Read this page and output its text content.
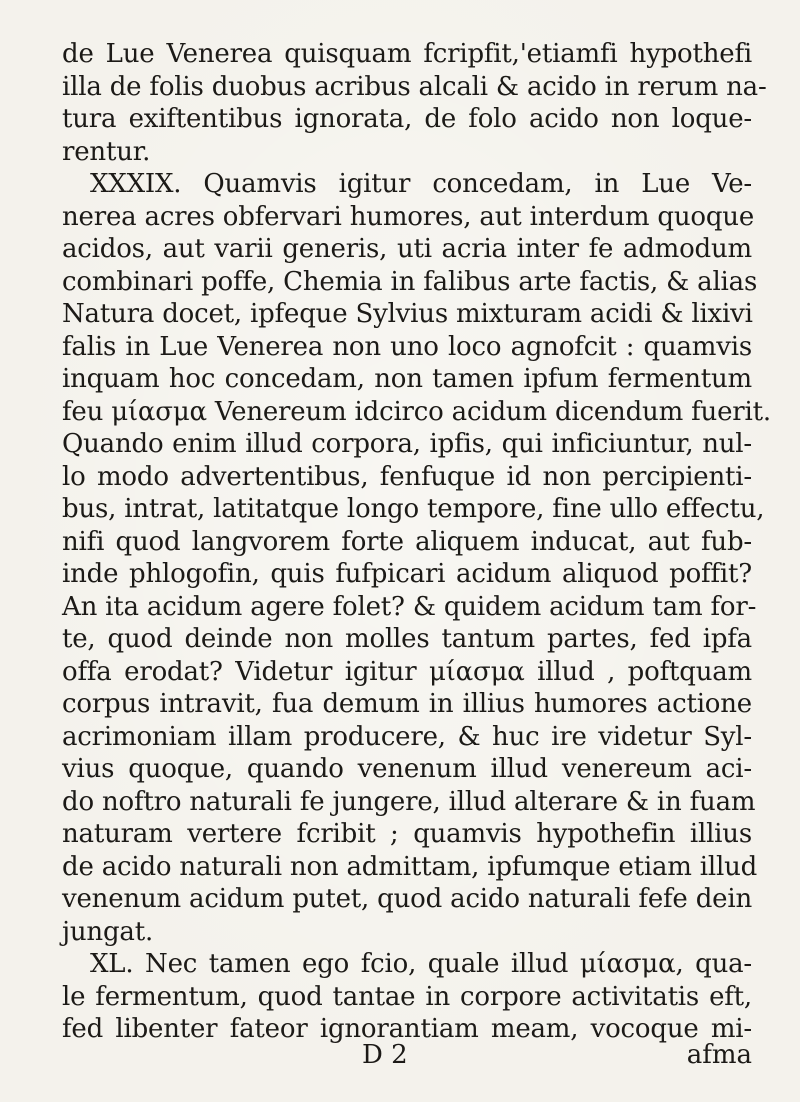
de Lue Venerea quisquam fcripfit,'etiamfi hypothefi
illa de folis duobus acribus alcali & acido in rerum na-
tura exiftentibus ignorata, de folo acido non loque-
rentur.
XXXIX. Quamvis igitur concedam, in Lue Ve-
nerea acres obfervari humores, aut interdum quoque
acidos, aut varii generis, uti acria inter fe admodum
combinari poffe, Chemia in falibus arte factis, & alias
Natura docet, ipfeque Sylvius mixturam acidi & lixivi
falis in Lue Venerea non uno loco agnofcit : quamvis
inquam hoc concedam, non tamen ipfum fermentum
feu μίασμα Venereum idcirco acidum dicendum fuerit.
Quando enim illud corpora, ipfis, qui inficiuntur, nul-
lo modo advertentibus, fenfuque id non percipienti-
bus, intrat, latitatque longo tempore, fine ullo effectu,
nifi quod langvorem forte aliquem inducat, aut fub-
inde phlogofin, quis fufpicari acidum aliquod poffit?
An ita acidum agere folet? & quidem acidum tam for-
te, quod deinde non molles tantum partes, fed ipfa
offa erodat? Videtur igitur μίασμα illud , poftquam
corpus intravit, fua demum in illius humores actione
acrimoniam illam producere, & huc ire videtur Syl-
vius quoque, quando venenum illud venereum aci-
do noftro naturali fe jungere, illud alterare & in fuam
naturam vertere fcribit ; quamvis hypothefin illius
de acido naturali non admittam, ipfumque etiam illud
venenum acidum putet, quod acido naturali fefe dein
jungat.
XL. Nec tamen ego fcio, quale illud μίασμα, qua-
le fermentum, quod tantae in corpore activitatis eft,
fed libenter fateor ignorantiam meam, vocoque mi-
D 2	afma
